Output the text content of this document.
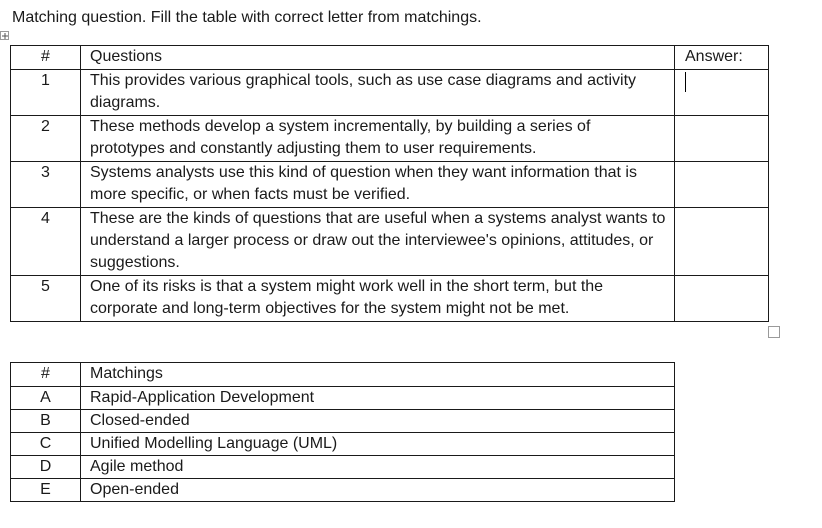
Matching question. Fill the table with correct letter from matchings.
#	Questions	Answer:
1	This provides various graphical tools, such as use case diagrams and activity diagrams.	
2	These methods develop a system incrementally, by building a series of prototypes and constantly adjusting them to user requirements.	
3	Systems analysts use this kind of question when they want information that is more specific, or when facts must be verified.	
4	These are the kinds of questions that are useful when a systems analyst wants to understand a larger process or draw out the interviewee's opinions, attitudes, or suggestions.	
5	One of its risks is that a system might work well in the short term, but the corporate and long-term objectives for the system might not be met.	
#	Matchings
A	Rapid-Application Development
B	Closed-ended
C	Unified Modelling Language (UML)
D	Agile method
E	Open-ended
